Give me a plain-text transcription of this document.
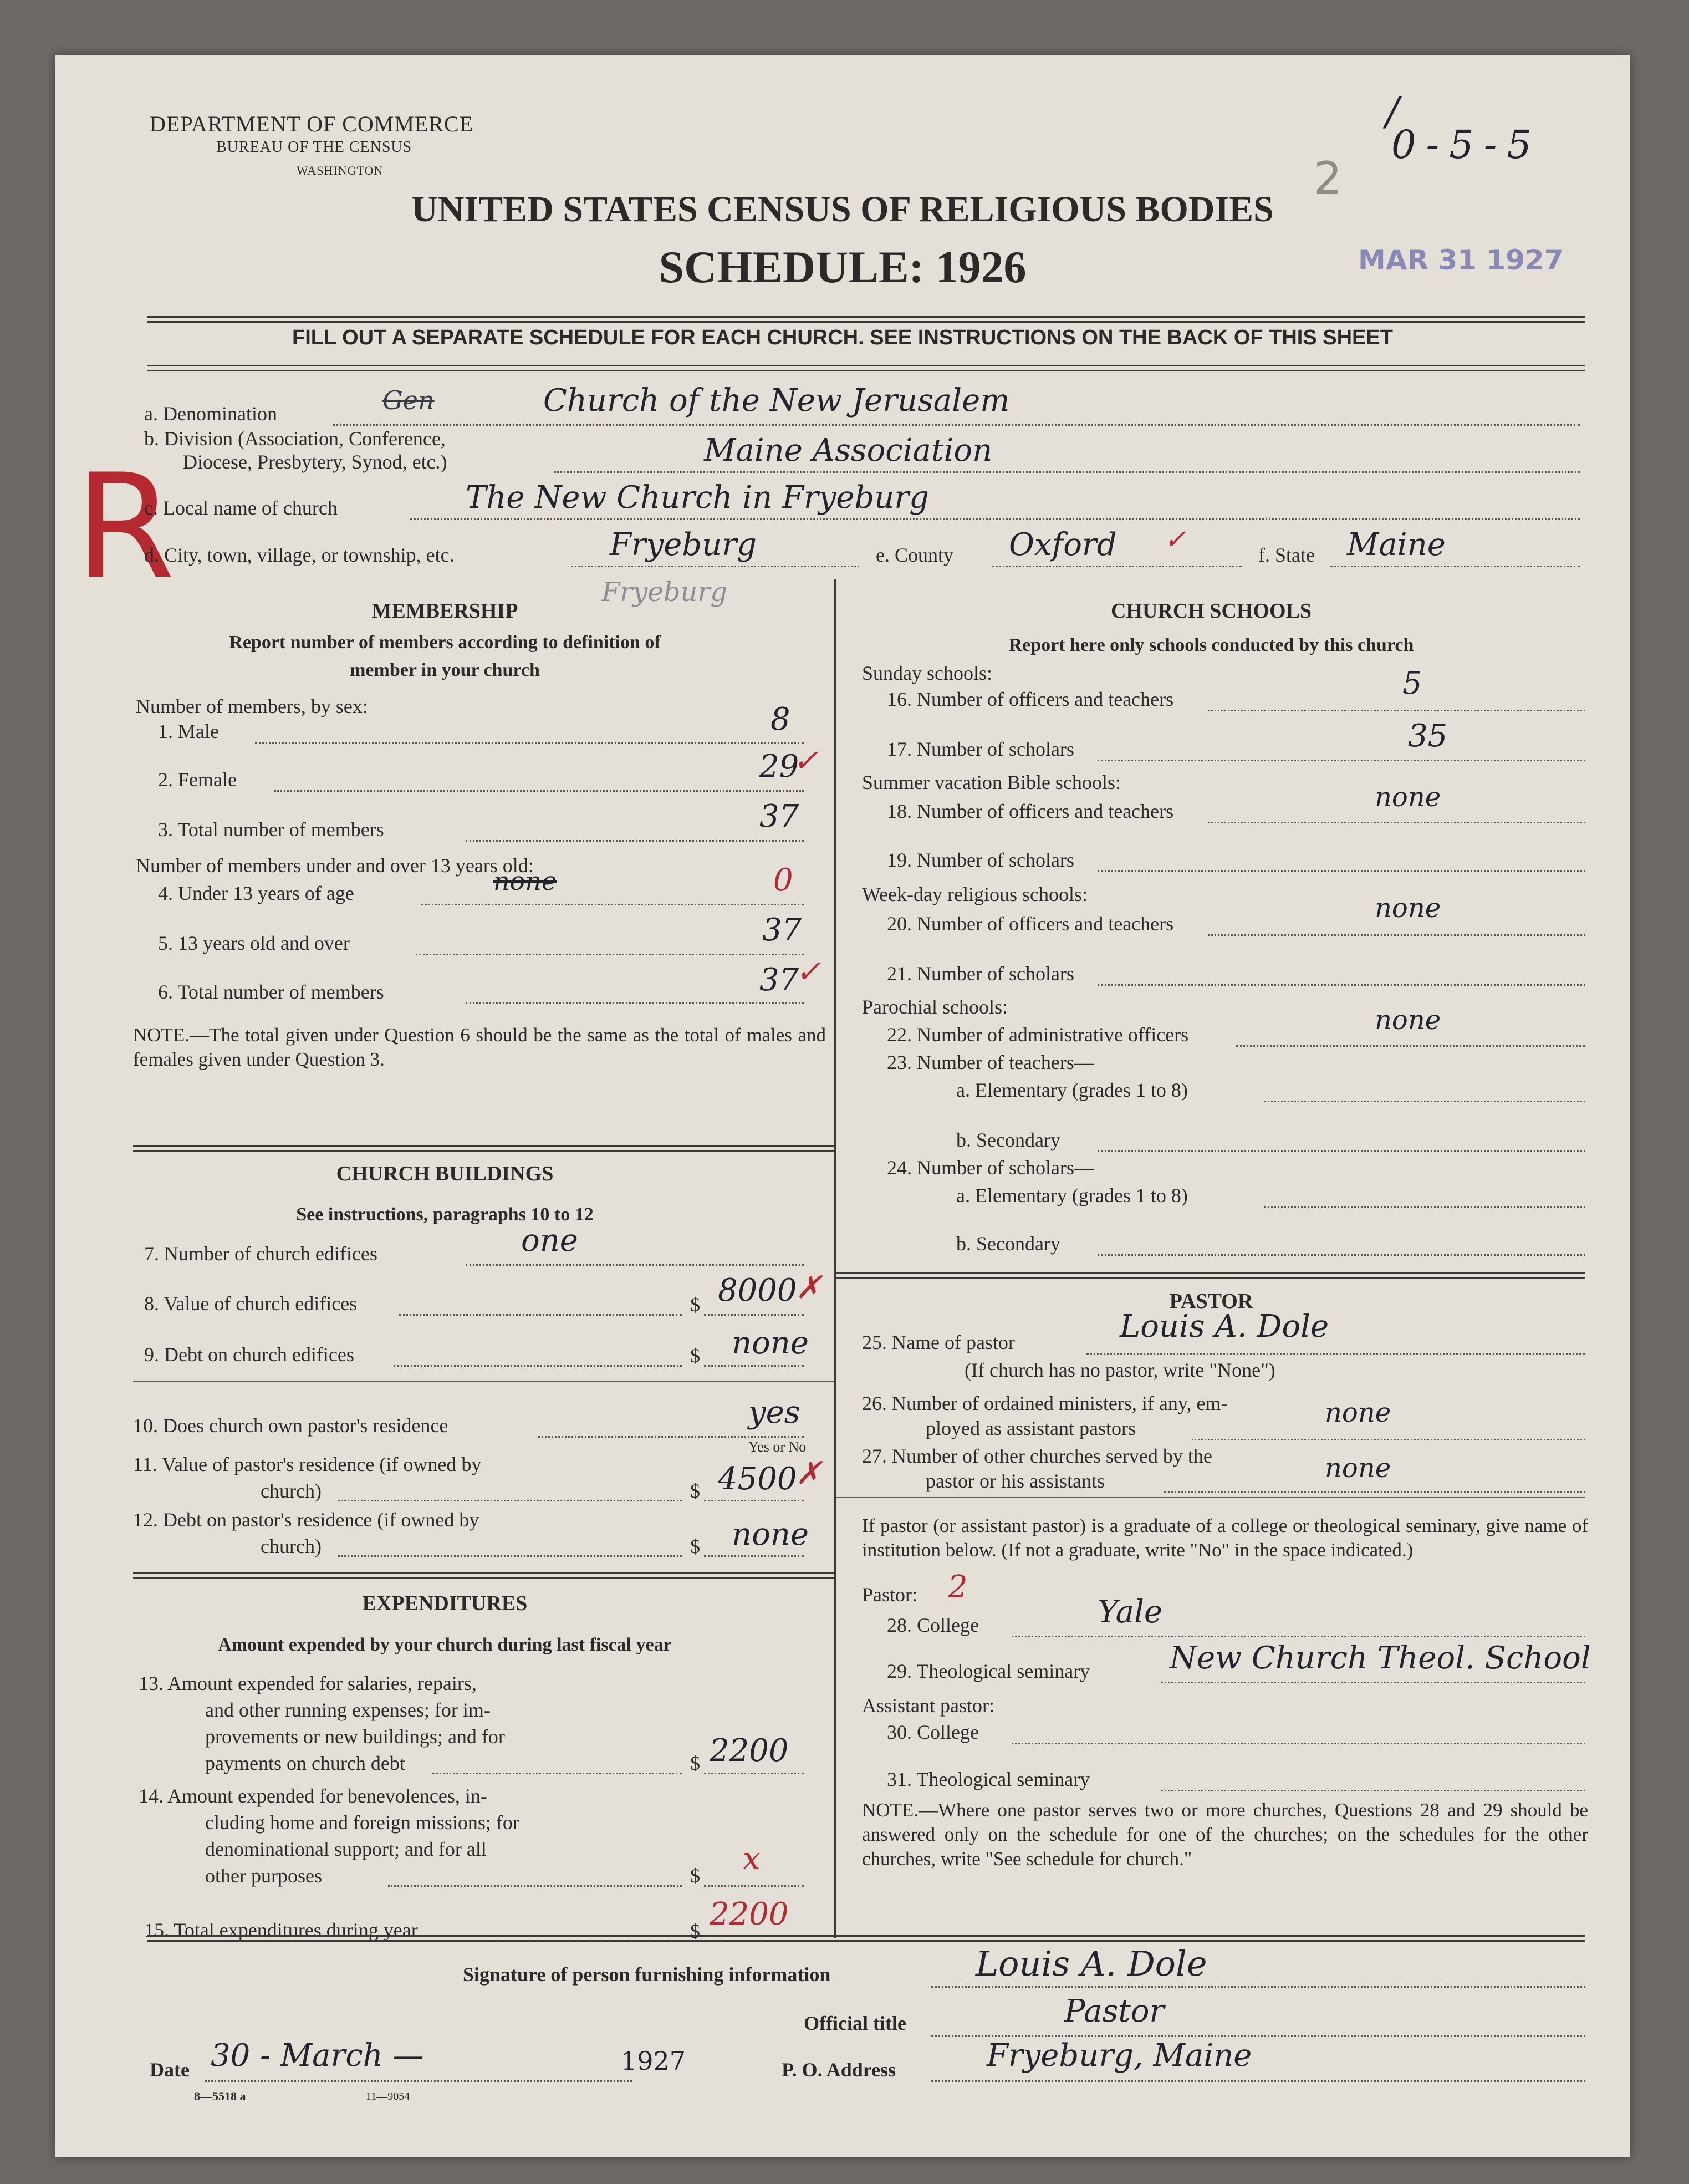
DEPARTMENT OF COMMERCE
BUREAU OF THE CENSUS
WASHINGTON
UNITED STATES CENSUS OF RELIGIOUS BODIES
SCHEDULE: 1926
/
0-5-5
MAR 31 1927
2
FILL OUT A SEPARATE SCHEDULE FOR EACH CHURCH. SEE INSTRUCTIONS ON THE BACK OF THIS SHEET
R
a. Denomination	Gen	Church of the New Jerusalem
b. Division (Association, Conference,
Diocese, Presbytery, Synod, etc.)	Maine Association
c. Local name of church	The New Church in Fryeburg
d. City, town, village, or township, etc.	Fryeburg	e. County Oxford ✓	f. State Maine
MEMBERSHIP
Fryeburg
Report number of members according to definition of
member in your church
Number of members, by sex:
1. Male	8
2. Female	29
✓
3. Total number of members	37
Number of members under and over 13 years old:
4. Under 13 years of age	none	0
5. 13 years old and over	37
6. Total number of members	37
✓
NOTE.—The total given under Question 6 should be the same as the total of males and females given under Question 3.
CHURCH BUILDINGS
See instructions, paragraphs 10 to 12
7. Number of church edifices	one
8. Value of church edifices	$ 8000
✗
9. Debt on church edifices	$ none
10. Does church own pastor's residence	yes
Yes or No
11. Value of pastor's residence (if owned by
church)	$ 4500
✗
12. Debt on pastor's residence (if owned by
church)	$ none
EXPENDITURES
Amount expended by your church during last fiscal year
13. Amount expended for salaries, repairs,
and other running expenses; for im-
provements or new buildings; and for
payments on church debt	$ 2200
14. Amount expended for benevolences, in-
cluding home and foreign missions; for
denominational support; and for all
other purposes	$ x
15. Total expenditures during year	$ 2200
CHURCH SCHOOLS
Report here only schools conducted by this church
Sunday schools:
16. Number of officers and teachers	5
17. Number of scholars	35
Summer vacation Bible schools:
18. Number of officers and teachers	none
19. Number of scholars
Week-day religious schools:
20. Number of officers and teachers	none
21. Number of scholars
Parochial schools:
22. Number of administrative officers	none
23. Number of teachers—
a. Elementary (grades 1 to 8)
b. Secondary
24. Number of scholars—
a. Elementary (grades 1 to 8)
b. Secondary
PASTOR
25. Name of pastor	Louis A. Dole
(If church has no pastor, write "None")
26. Number of ordained ministers, if any, em-
ployed as assistant pastors	none
27. Number of other churches served by the
pastor or his assistants	none
If pastor (or assistant pastor) is a graduate of a college or theological seminary, give name of institution below. (If not a graduate, write "No" in the space indicated.)
Pastor: 2
28. College	Yale
29. Theological seminary	New Church Theol. School
Assistant pastor:
30. College
31. Theological seminary
NOTE.—Where one pastor serves two or more churches, Questions 28 and 29 should be answered only on the schedule for one of the churches; on the schedules for the other churches, write "See schedule for church."
Signature of person furnishing information	Louis A. Dole
Official title	Pastor
Date 30 - March —	1927	P. O. Address	Fryeburg, Maine
8—5518 a	11—9054
